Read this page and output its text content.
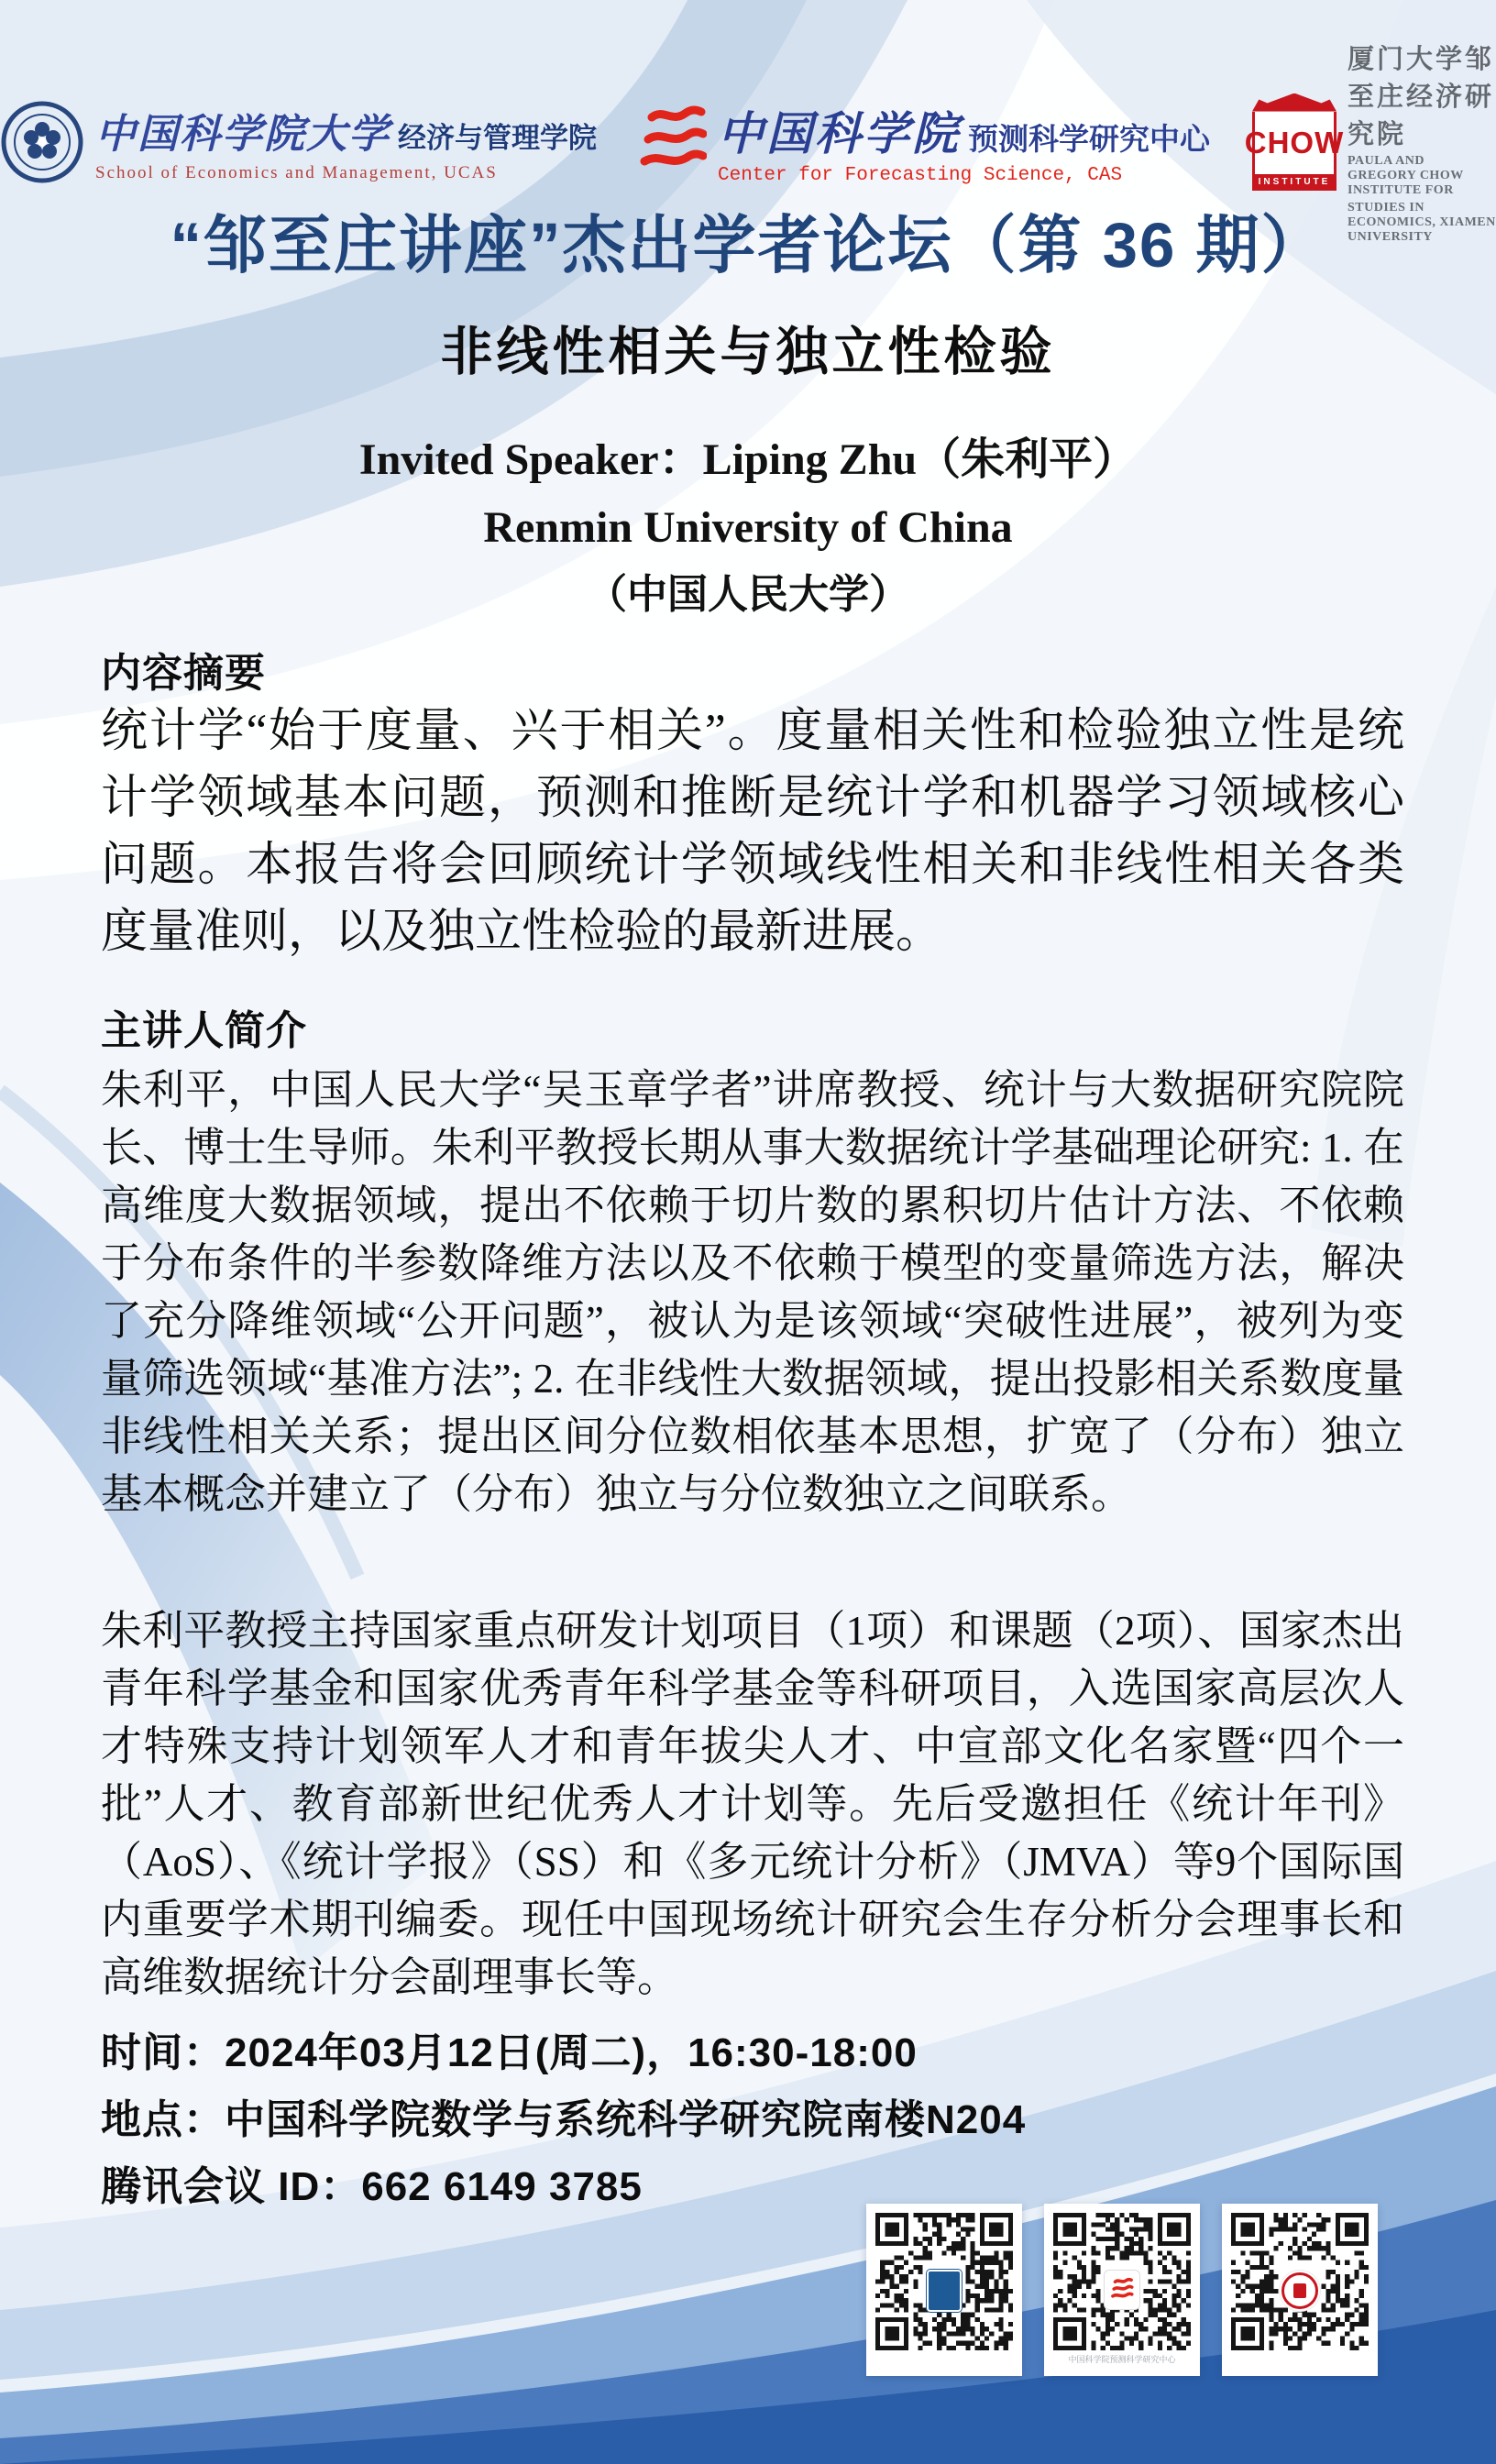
中国科学院大学 经济与管理学院
School of Economics and Management, UCAS
中国科学院 预测科学研究中心
Center for Forecasting Science, CAS
CHOW
INSTITUTE
厦门大学邹至庄经济研究院
PAULA AND GREGORY CHOW INSTITUTE FOR
STUDIES IN ECONOMICS, XIAMEN UNIVERSITY
“邹至庄讲座”杰出学者论坛（第 36 期）
非线性相关与独立性检验
Invited Speaker：Liping Zhu（朱利平）
Renmin University of China
（中国人民大学）
内容摘要
统计学“始于度量、兴于相关”。度量相关性和检验独立性是统计学领域基本问题，预测和推断是统计学和机器学习领域核心问题。本报告将会回顾统计学领域线性相关和非线性相关各类度量准则，以及独立性检验的最新进展。
主讲人简介
朱利平，中国人民大学“吴玉章学者”讲席教授、统计与大数据研究院院长、博士生导师。朱利平教授长期从事大数据统计学基础理论研究: 1. 在高维度大数据领域，提出不依赖于切片数的累积切片估计方法、不依赖于分布条件的半参数降维方法以及不依赖于模型的变量筛选方法，解决了充分降维领域“公开问题”，被认为是该领域“突破性进展”，被列为变量筛选领域“基准方法”; 2. 在非线性大数据领域，提出投影相关系数度量非线性相关关系；提出区间分位数相依基本思想，扩宽了（分布）独立基本概念并建立了（分布）独立与分位数独立之间联系。
朱利平教授主持国家重点研发计划项目（1项）和课题（2项）、国家杰出青年科学基金和国家优秀青年科学基金等科研项目，入选国家高层次人才特殊支持计划领军人才和青年拔尖人才、中宣部文化名家暨“四个一批”人才、教育部新世纪优秀人才计划等。先后受邀担任《统计年刊》（AoS）、《统计学报》（SS）和《多元统计分析》（JMVA）等9个国际国内重要学术期刊编委。现任中国现场统计研究会生存分析分会理事长和高维数据统计分会副理事长等。
时间：2024年03月12日(周二)，16:30-18:00
地点：中国科学院数学与系统科学研究院南楼N204
腾讯会议 ID：662 6149 3785
中国科学院预测科学研究中心
